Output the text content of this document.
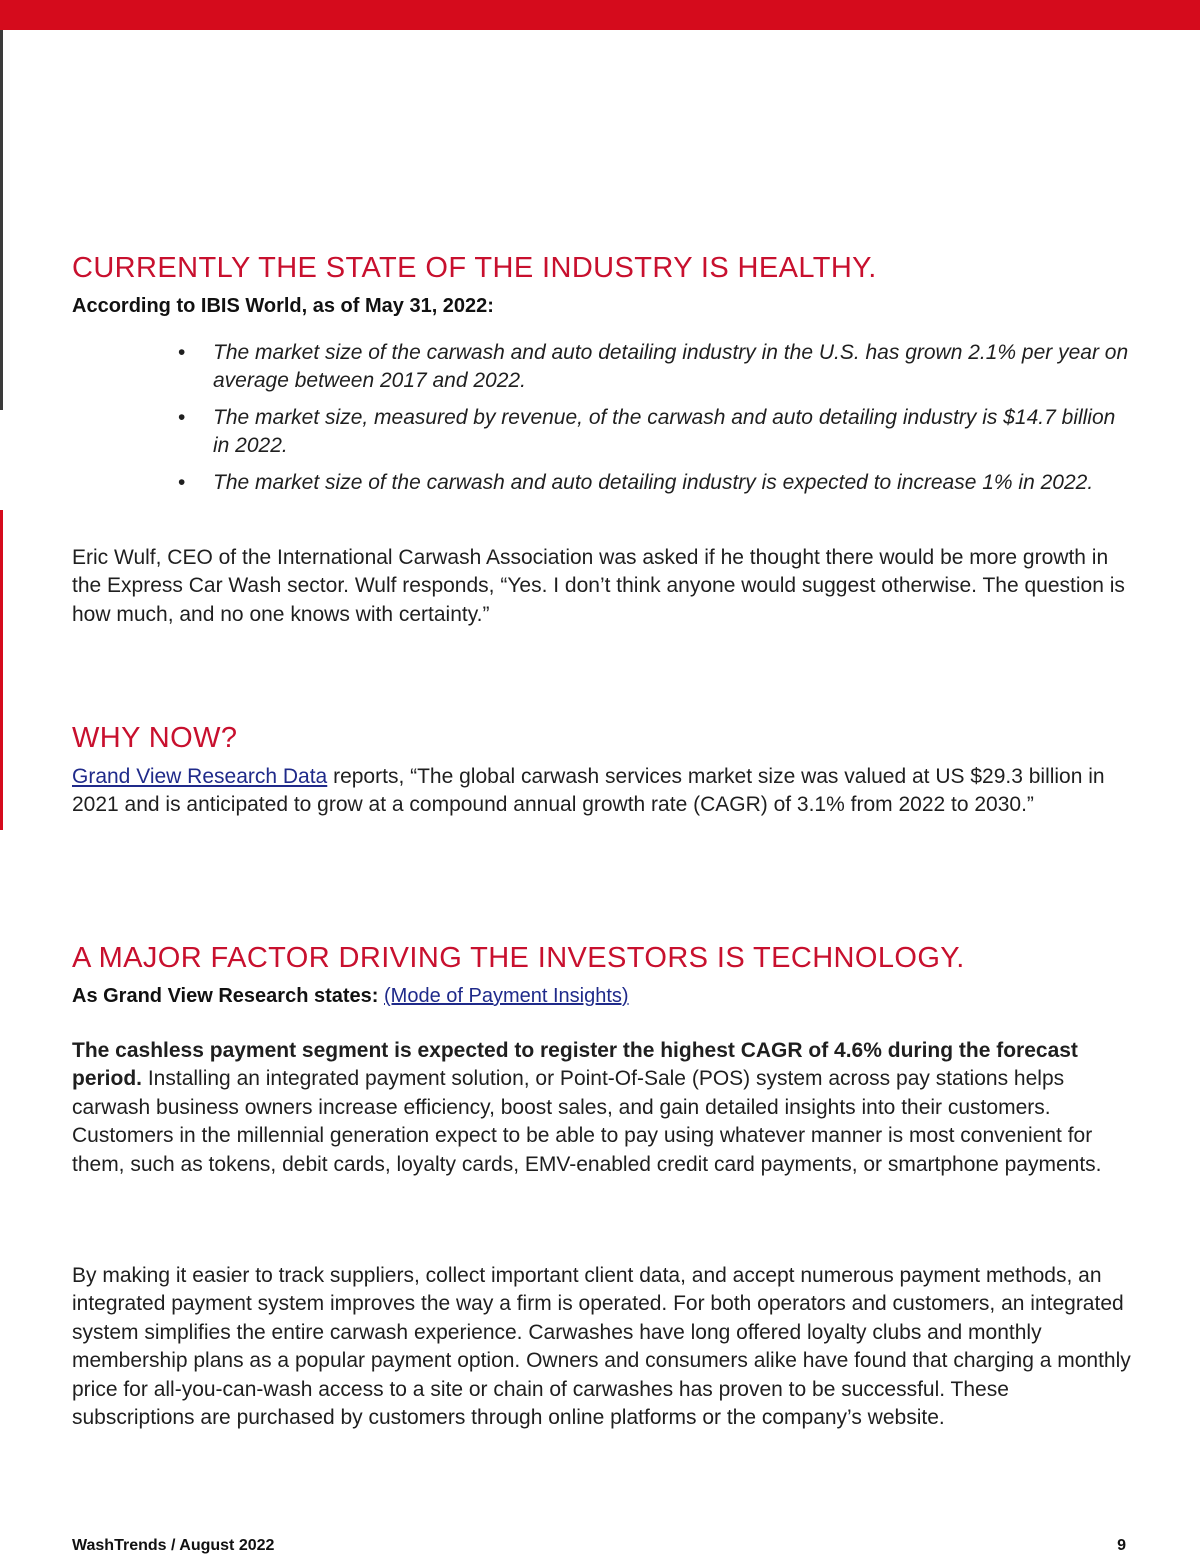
CURRENTLY THE STATE OF THE INDUSTRY IS HEALTHY.

According to IBIS World, as of May 31, 2022:

• The market size of the carwash and auto detailing industry in the U.S. has grown 2.1% per year on average between 2017 and 2022.
• The market size, measured by revenue, of the carwash and auto detailing industry is $14.7 billion in 2022.
• The market size of the carwash and auto detailing industry is expected to increase 1% in 2022.

Eric Wulf, CEO of the International Carwash Association was asked if he thought there would be more growth in the Express Car Wash sector. Wulf responds, “Yes. I don’t think anyone would suggest otherwise. The question is how much, and no one knows with certainty.”

WHY NOW?

Grand View Research Data reports, “The global carwash services market size was valued at US $29.3 billion in 2021 and is anticipated to grow at a compound annual growth rate (CAGR) of 3.1% from 2022 to 2030.”

A MAJOR FACTOR DRIVING THE INVESTORS IS TECHNOLOGY.

As Grand View Research states: (Mode of Payment Insights)

The cashless payment segment is expected to register the highest CAGR of 4.6% during the forecast period. Installing an integrated payment solution, or Point-Of-Sale (POS) system across pay stations helps carwash business owners increase efficiency, boost sales, and gain detailed insights into their customers. Customers in the millennial generation expect to be able to pay using whatever manner is most convenient for them, such as tokens, debit cards, loyalty cards, EMV-enabled credit card payments, or smartphone payments.

By making it easier to track suppliers, collect important client data, and accept numerous payment methods, an integrated payment system improves the way a firm is operated. For both operators and customers, an integrated system simplifies the entire carwash experience. Carwashes have long offered loyalty clubs and monthly membership plans as a popular payment option. Owners and consumers alike have found that charging a monthly price for all-you-can-wash access to a site or chain of carwashes has proven to be successful. These subscriptions are purchased by customers through online platforms or the company’s website.

WashTrends / August 2022	9
